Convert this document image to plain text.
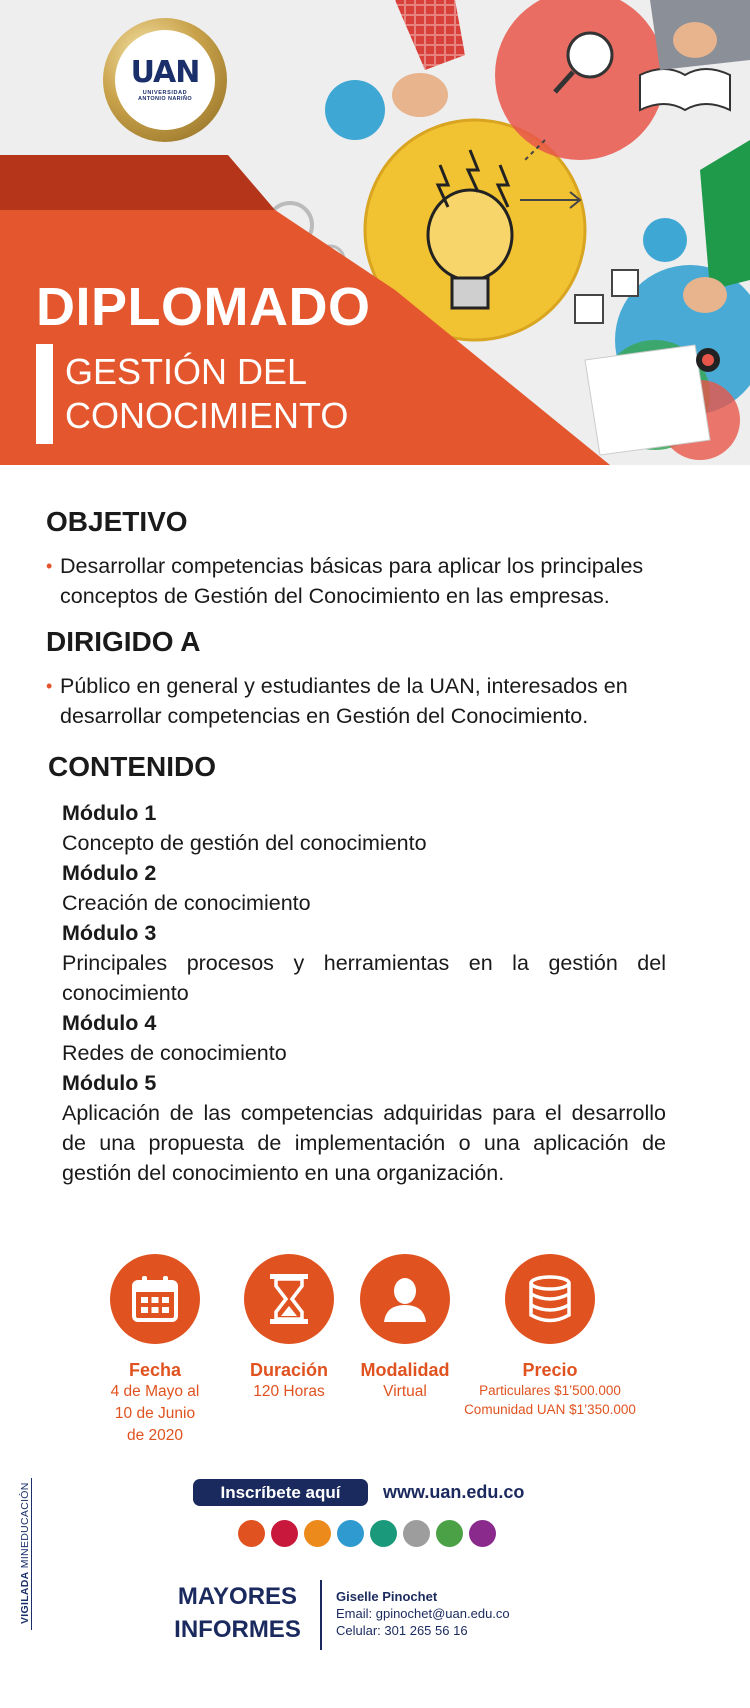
UAN
UNIVERSIDAD
ANTONIO NARIÑO
DIPLOMADO
GESTIÓN DEL
CONOCIMIENTO
OBJETIVO
• Desarrollar competencias básicas para aplicar los principales conceptos de Gestión del Conocimiento en las empresas.
DIRIGIDO A
• Público en general y estudiantes de la UAN, interesados en desarrollar competencias en Gestión del Conocimiento.
CONTENIDO
Módulo 1
Concepto de gestión del conocimiento
Módulo 2
Creación de conocimiento
Módulo 3
Principales procesos y herramientas en la gestión del conocimiento
Módulo 4
Redes de conocimiento
Módulo 5
Aplicación de las competencias adquiridas para el desarrollo de una propuesta de implementación o una aplicación de gestión del conocimiento en una organización.
Fecha
4 de Mayo al
10 de Junio
de 2020
Duración
120 Horas
Modalidad
Virtual
Precio
Particulares $1’500.000
Comunidad UAN $1’350.000
VIGILADA MINEDUCACIÓN	Inscríbete aquí	www.uan.edu.co
MAYORES
INFORMES
Giselle Pinochet
Email: gpinochet@uan.edu.co
Celular: 301 265 56 16
